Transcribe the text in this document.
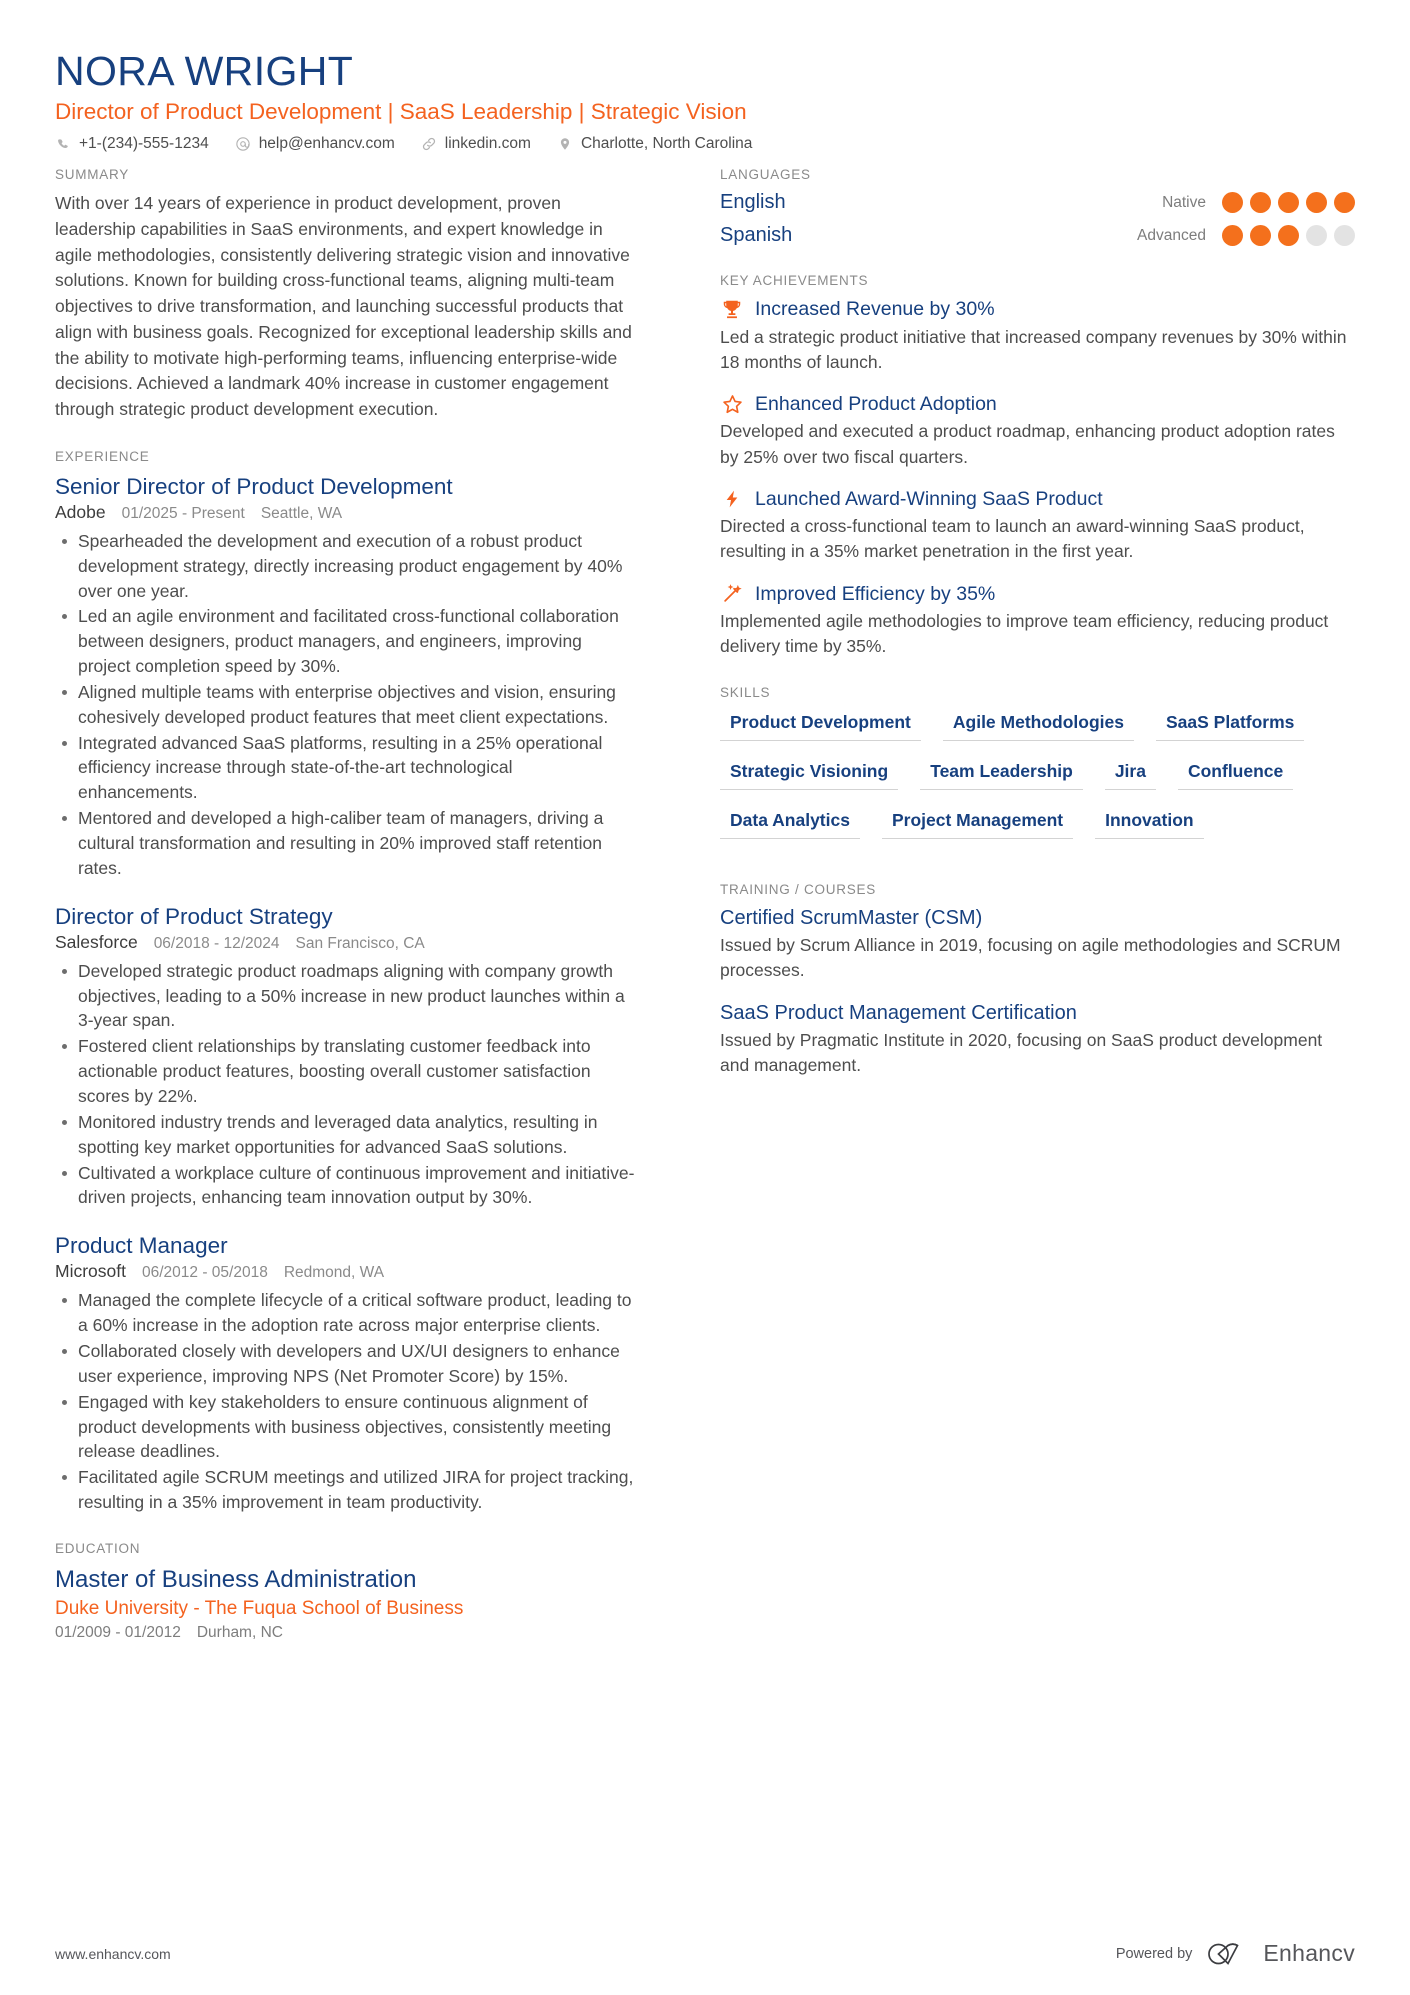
NORA WRIGHT
Director of Product Development | SaaS Leadership | Strategic Vision
+1-(234)-555-1234	help@enhancv.com	linkedin.com	Charlotte, North Carolina
SUMMARY
With over 14 years of experience in product development, proven leadership capabilities in SaaS environments, and expert knowledge in agile methodologies, consistently delivering strategic vision and innovative solutions. Known for building cross-functional teams, aligning multi-team objectives to drive transformation, and launching successful products that align with business goals. Recognized for exceptional leadership skills and the ability to motivate high-performing teams, influencing enterprise-wide decisions. Achieved a landmark 40% increase in customer engagement through strategic product development execution.
EXPERIENCE
Senior Director of Product Development
Adobe 01/2025 - Present Seattle, WA
Spearheaded the development and execution of a robust product development strategy, directly increasing product engagement by 40% over one year.
Led an agile environment and facilitated cross-functional collaboration between designers, product managers, and engineers, improving project completion speed by 30%.
Aligned multiple teams with enterprise objectives and vision, ensuring cohesively developed product features that meet client expectations.
Integrated advanced SaaS platforms, resulting in a 25% operational efficiency increase through state-of-the-art technological enhancements.
Mentored and developed a high-caliber team of managers, driving a cultural transformation and resulting in 20% improved staff retention rates.
Director of Product Strategy
Salesforce 06/2018 - 12/2024 San Francisco, CA
Developed strategic product roadmaps aligning with company growth objectives, leading to a 50% increase in new product launches within a 3-year span.
Fostered client relationships by translating customer feedback into actionable product features, boosting overall customer satisfaction scores by 22%.
Monitored industry trends and leveraged data analytics, resulting in spotting key market opportunities for advanced SaaS solutions.
Cultivated a workplace culture of continuous improvement and initiative-driven projects, enhancing team innovation output by 30%.
Product Manager
Microsoft 06/2012 - 05/2018 Redmond, WA
Managed the complete lifecycle of a critical software product, leading to a 60% increase in the adoption rate across major enterprise clients.
Collaborated closely with developers and UX/UI designers to enhance user experience, improving NPS (Net Promoter Score) by 15%.
Engaged with key stakeholders to ensure continuous alignment of product developments with business objectives, consistently meeting release deadlines.
Facilitated agile SCRUM meetings and utilized JIRA for project tracking, resulting in a 35% improvement in team productivity.
EDUCATION
Master of Business Administration
Duke University - The Fuqua School of Business
01/2009 - 01/2012 Durham, NC
LANGUAGES
English	Native
Spanish	Advanced
KEY ACHIEVEMENTS
Increased Revenue by 30%
Led a strategic product initiative that increased company revenues by 30% within 18 months of launch.
Enhanced Product Adoption
Developed and executed a product roadmap, enhancing product adoption rates by 25% over two fiscal quarters.
Launched Award-Winning SaaS Product
Directed a cross-functional team to launch an award-winning SaaS product, resulting in a 35% market penetration in the first year.
Improved Efficiency by 35%
Implemented agile methodologies to improve team efficiency, reducing product delivery time by 35%.
SKILLS
Product Development	Agile Methodologies	SaaS Platforms
Strategic Visioning	Team Leadership	Jira	Confluence
Data Analytics	Project Management	Innovation
TRAINING / COURSES
Certified ScrumMaster (CSM)
Issued by Scrum Alliance in 2019, focusing on agile methodologies and SCRUM processes.
SaaS Product Management Certification
Issued by Pragmatic Institute in 2020, focusing on SaaS product development and management.
www.enhancv.com	Powered by	Enhancv
